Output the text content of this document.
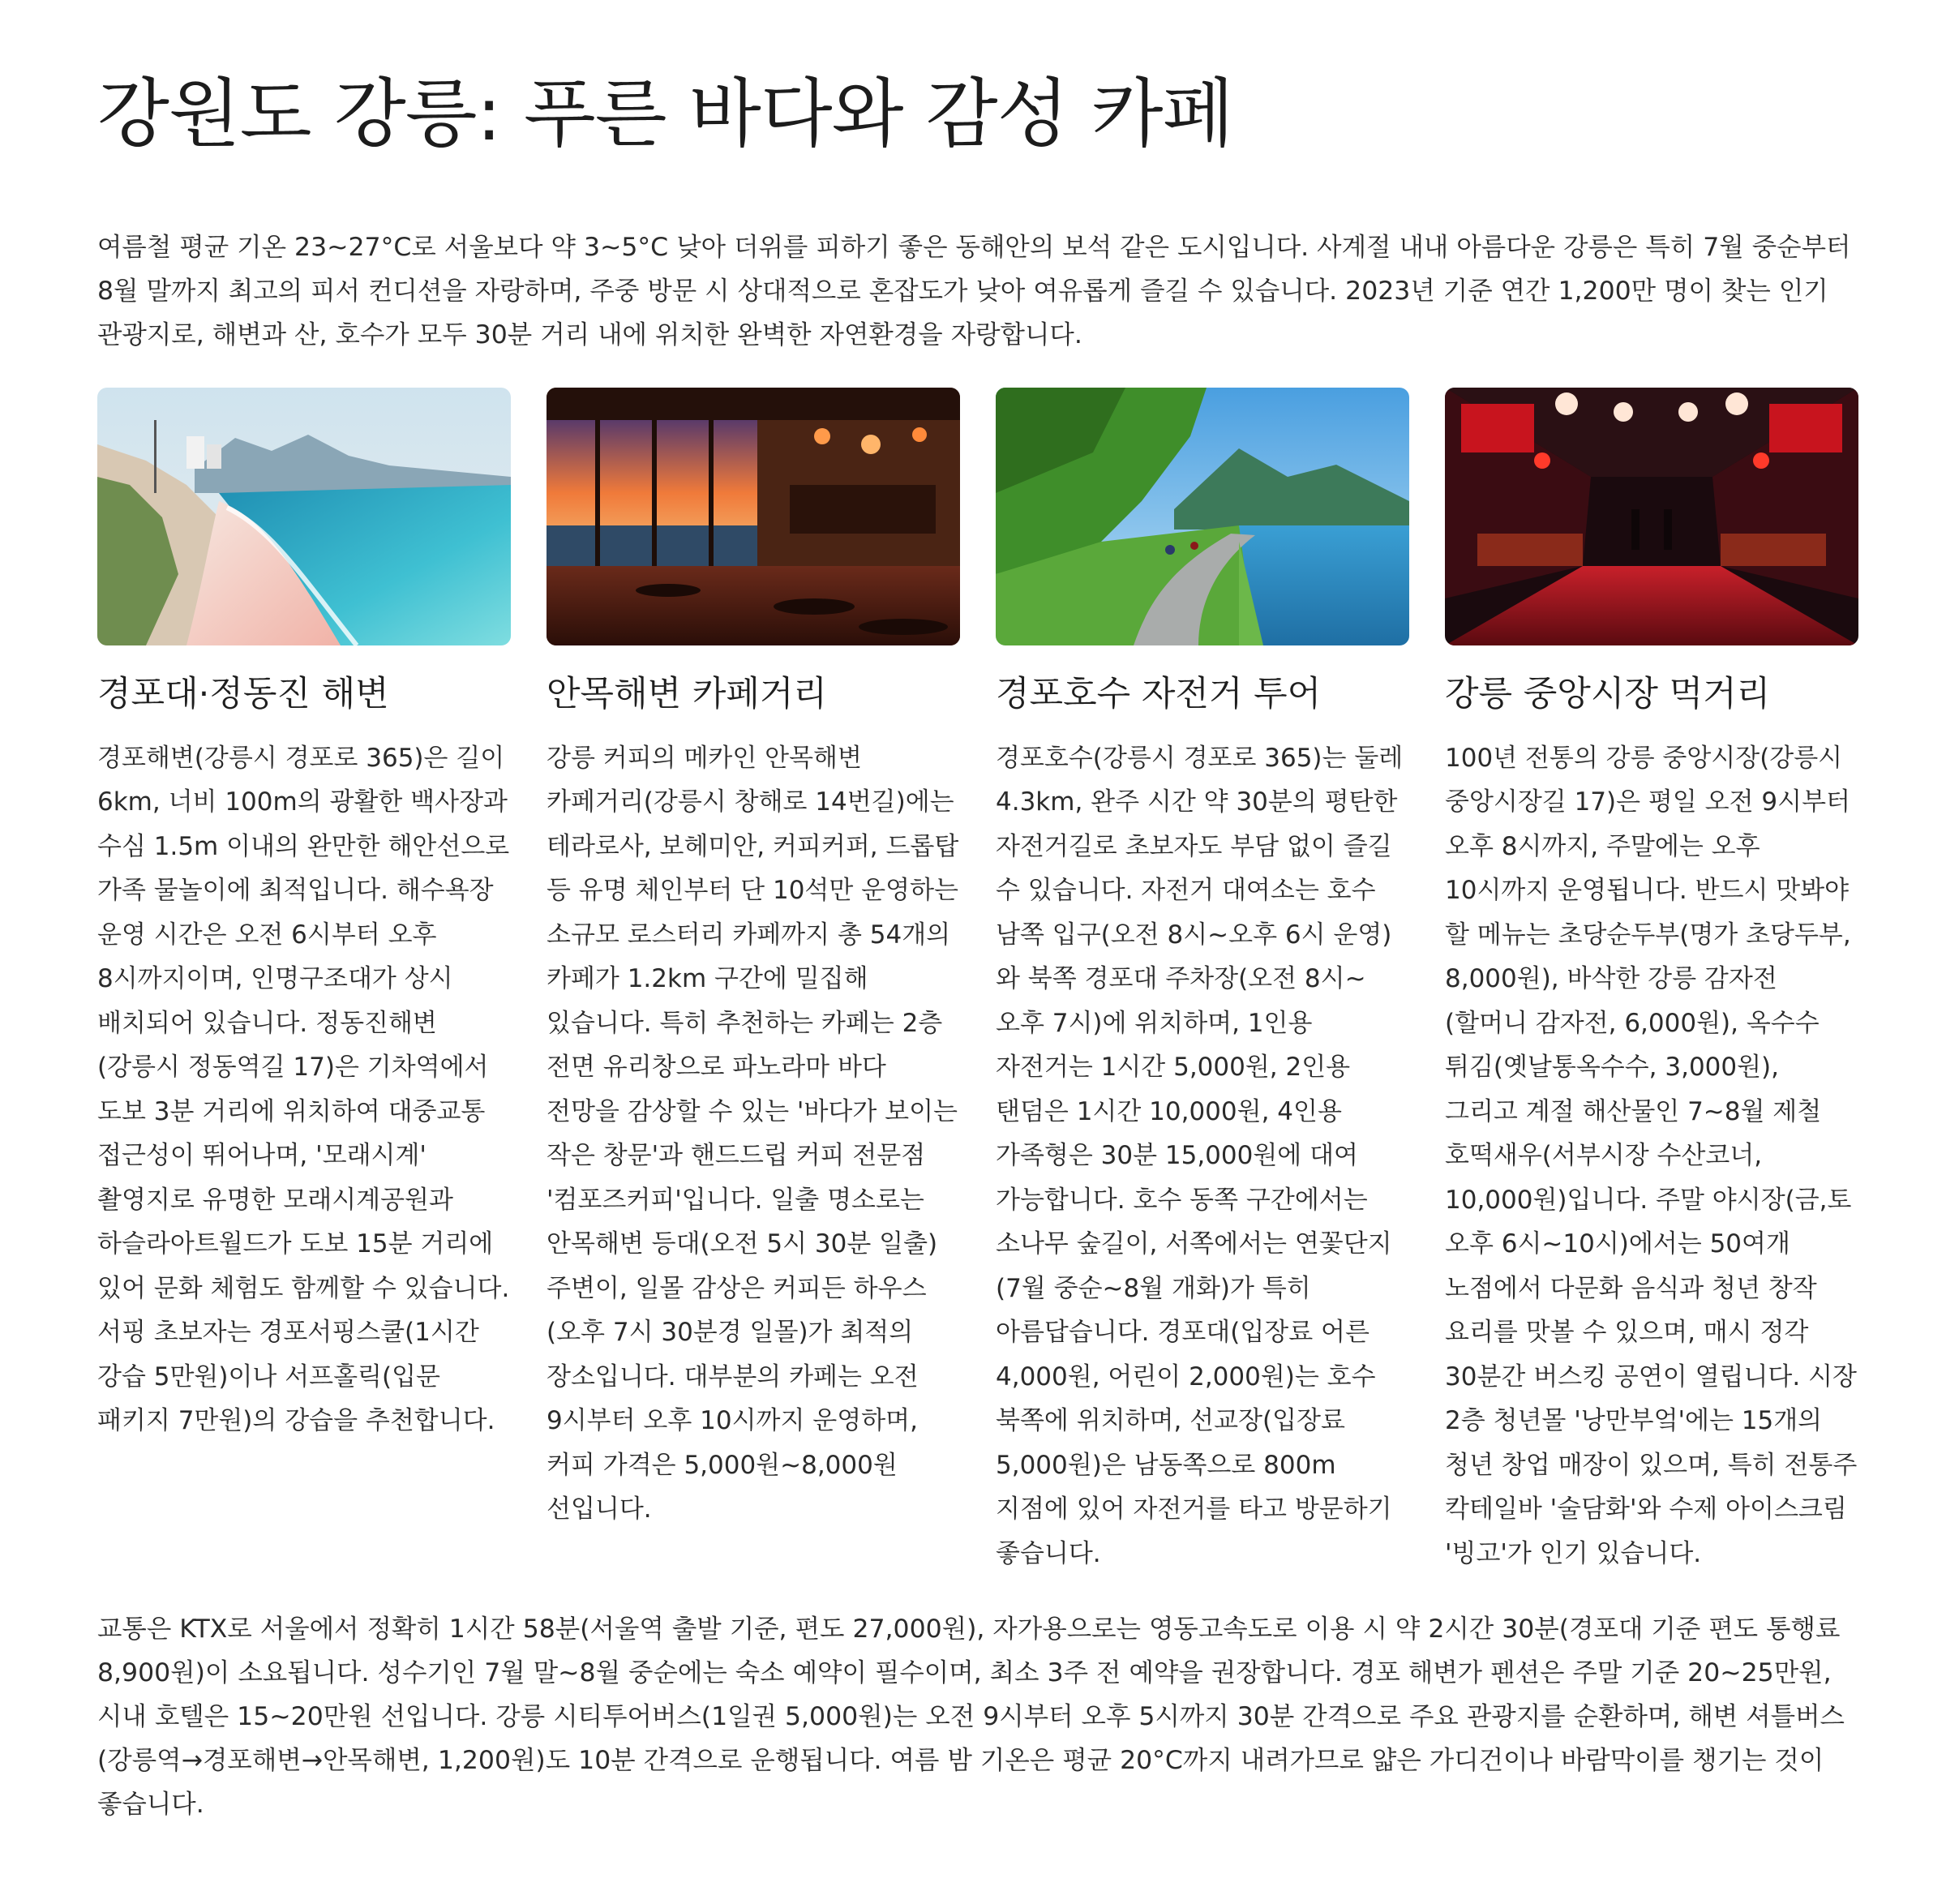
강원도 강릉: 푸른 바다와 감성 카페

여름철 평균 기온 23~27°C로 서울보다 약 3~5°C 낮아 더위를 피하기 좋은 동해안의 보석 같은 도시입니다. 사계절 내내 아름다운 강릉은 특히 7월 중순부터 8월 말까지 최고의 피서 컨디션을 자랑하며, 주중 방문 시 상대적으로 혼잡도가 낮아 여유롭게 즐길 수 있습니다. 2023년 기준 연간 1,200만 명이 찾는 인기 관광지로, 해변과 산, 호수가 모두 30분 거리 내에 위치한 완벽한 자연환경을 자랑합니다.

경포대·정동진 해변

경포해변(강릉시 경포로 365)은 길이 6km, 너비 100m의 광활한 백사장과 수심 1.5m 이내의 완만한 해안선으로 가족 물놀이에 최적입니다. 해수욕장 운영 시간은 오전 6시부터 오후 8시까지이며, 인명구조대가 상시 배치되어 있습니다. 정동진해변(강릉시 정동역길 17)은 기차역에서 도보 3분 거리에 위치하여 대중교통 접근성이 뛰어나며, '모래시계' 촬영지로 유명한 모래시계공원과 하슬라아트월드가 도보 15분 거리에 있어 문화 체험도 함께할 수 있습니다. 서핑 초보자는 경포서핑스쿨(1시간 강습 5만원)이나 서프홀릭(입문 패키지 7만원)의 강습을 추천합니다.

안목해변 카페거리

강릉 커피의 메카인 안목해변 카페거리(강릉시 창해로 14번길)에는 테라로사, 보헤미안, 커피커퍼, 드롭탑 등 유명 체인부터 단 10석만 운영하는 소규모 로스터리 카페까지 총 54개의 카페가 1.2km 구간에 밀집해 있습니다. 특히 추천하는 카페는 2층 전면 유리창으로 파노라마 바다 전망을 감상할 수 있는 '바다가 보이는 작은 창문'과 핸드드립 커피 전문점 '컴포즈커피'입니다. 일출 명소로는 안목해변 등대(오전 5시 30분 일출) 주변이, 일몰 감상은 커피든 하우스(오후 7시 30분경 일몰)가 최적의 장소입니다. 대부분의 카페는 오전 9시부터 오후 10시까지 운영하며, 커피 가격은 5,000원~8,000원 선입니다.

경포호수 자전거 투어

경포호수(강릉시 경포로 365)는 둘레 4.3km, 완주 시간 약 30분의 평탄한 자전거길로 초보자도 부담 없이 즐길 수 있습니다. 자전거 대여소는 호수 남쪽 입구(오전 8시~오후 6시 운영)와 북쪽 경포대 주차장(오전 8시~오후 7시)에 위치하며, 1인용 자전거는 1시간 5,000원, 2인용 탠덤은 1시간 10,000원, 4인용 가족형은 30분 15,000원에 대여 가능합니다. 호수 동쪽 구간에서는 소나무 숲길이, 서쪽에서는 연꽃단지(7월 중순~8월 개화)가 특히 아름답습니다. 경포대(입장료 어른 4,000원, 어린이 2,000원)는 호수 북쪽에 위치하며, 선교장(입장료 5,000원)은 남동쪽으로 800m 지점에 있어 자전거를 타고 방문하기 좋습니다.

강릉 중앙시장 먹거리

100년 전통의 강릉 중앙시장(강릉시 중앙시장길 17)은 평일 오전 9시부터 오후 8시까지, 주말에는 오후 10시까지 운영됩니다. 반드시 맛봐야 할 메뉴는 초당순두부(명가 초당두부, 8,000원), 바삭한 강릉 감자전(할머니 감자전, 6,000원), 옥수수 튀김(옛날통옥수수, 3,000원), 그리고 계절 해산물인 7~8월 제철 호떡새우(서부시장 수산코너, 10,000원)입니다. 주말 야시장(금,토 오후 6시~10시)에서는 50여개 노점에서 다문화 음식과 청년 창작 요리를 맛볼 수 있으며, 매시 정각 30분간 버스킹 공연이 열립니다. 시장 2층 청년몰 '낭만부엌'에는 15개의 청년 창업 매장이 있으며, 특히 전통주 칵테일바 '술담화'와 수제 아이스크림 '빙고'가 인기 있습니다.

교통은 KTX로 서울에서 정확히 1시간 58분(서울역 출발 기준, 편도 27,000원), 자가용으로는 영동고속도로 이용 시 약 2시간 30분(경포대 기준 편도 통행료 8,900원)이 소요됩니다. 성수기인 7월 말~8월 중순에는 숙소 예약이 필수이며, 최소 3주 전 예약을 권장합니다. 경포 해변가 펜션은 주말 기준 20~25만원, 시내 호텔은 15~20만원 선입니다. 강릉 시티투어버스(1일권 5,000원)는 오전 9시부터 오후 5시까지 30분 간격으로 주요 관광지를 순환하며, 해변 셔틀버스(강릉역→경포해변→안목해변, 1,200원)도 10분 간격으로 운행됩니다. 여름 밤 기온은 평균 20°C까지 내려가므로 얇은 가디건이나 바람막이를 챙기는 것이 좋습니다.
